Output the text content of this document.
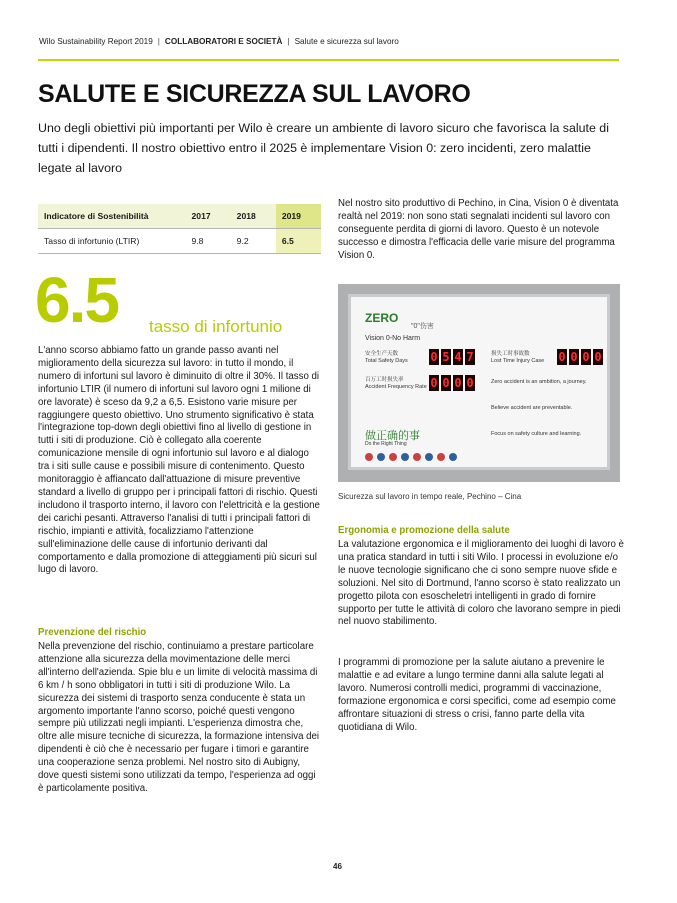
Wilo Sustainability Report 2019 | COLLABORATORI E SOCIETÀ | Salute e sicurezza sul lavoro
SALUTE E SICUREZZA SUL LAVORO

Uno degli obiettivi più importanti per Wilo è creare un ambiente di lavoro sicuro che favorisca la salute di tutti i dipendenti. Il nostro obiettivo entro il 2025 è implementare Vision 0: zero incidenti, zero malattie legate al lavoro

Indicatore di Sostenibilità	2017	2018	2019
Tasso di infortunio (LTIR)	9.8	9.2	6.5
6.5 tasso di infortunio

L'anno scorso abbiamo fatto un grande passo avanti nel miglioramento della sicurezza sul lavoro: in tutto il mondo, il numero di infortuni sul lavoro è diminuito di oltre il 30%. Il tasso di infortunio LTIR (il numero di infortuni sul lavoro ogni 1 milione di ore lavorate) è sceso da 9,2 a 6,5. Esistono varie misure per raggiungere questo obiettivo. Uno strumento significativo è stata l'integrazione top-down degli obiettivi fino al livello di gestione in tutti i siti di produzione. Ciò è collegato alla coerente comunicazione mensile di ogni infortunio sul lavoro e al dialogo tra i siti sulle cause e possibili misure di contenimento. Questo monitoraggio è affiancato dall'attuazione di misure preventive standard a livello di gruppo per i principali fattori di rischio. Questi includono il trasporto interno, il lavoro con l'elettricità e la gestione dei carichi pesanti. Attraverso l'analisi di tutti i principali fattori di rischio, impianti e attività, focalizziamo l'attenzione sull'eliminazione delle cause di infortunio derivanti dal comportamento e dalla promozione di atteggiamenti più sicuri sul lugo di lavoro.

Prevenzione del rischio

Nella prevenzione del rischio, continuiamo a prestare particolare attenzione alla sicurezza della movimentazione delle merci all'interno dell'azienda. Spie blu e un limite di velocità massima di 6 km / h sono obbligatori in tutti i siti di produzione Wilo. La sicurezza dei sistemi di trasporto senza conducente è stata un argomento importante l'anno scorso, poiché questi vengono sempre più utilizzati negli impianti. L'esperienza dimostra che, oltre alle misure tecniche di sicurezza, la formazione intensiva dei dipendenti è ciò che è necessario per fugare i timori e garantire una cooperazione senza problemi. Nel nostro sito di Aubigny, dove questi sistemi sono utilizzati da tempo, l'esperienza ad oggi è particolamente positiva.

Nel nostro sito produttivo di Pechino, in Cina, Vision 0 è diventata realtà nel 2019: non sono stati segnalati incidenti sul lavoro con conseguente perdita di giorni di lavoro. Questo è un notevole successo e dimostra l'efficacia delle varie misure del programma Vision 0.

ZERO
"0"伤害
Vision 0-No Harm
安全生产天数
Total Safety Days 0 5 4 7	损失工时事故数
Lost Time Injury Case 0 0 0 0
百万工时损失率
Accident Frequency Rate 0 0 0 0	Zero accident is an ambition, a journey.
Believe accident are preventable.
Focus on safety culture and learning.
做正确的事
Do the Right Thing
Sicurezza sul lavoro in tempo reale, Pechino – Cina
Ergonomia e promozione della salute

La valutazione ergonomica e il miglioramento dei luoghi di lavoro è una pratica standard in tutti i siti Wilo. I processi in evoluzione e/o le nuove tecnologie significano che ci sono sempre nuove sfide e soluzioni. Nel sito di Dortmund, l'anno scorso è stato realizzato un progetto pilota con esoscheletri intelligenti in grado di fornire supporto per tutte le attività di coloro che lavorano sempre in piedi nel nuovo stabilimento.

I programmi di promozione per la salute aiutano a prevenire le malattie e ad evitare a lungo termine danni alla salute legati al lavoro. Numerosi controlli medici, programmi di vaccinazione, formazione ergonomica e corsi specifici, come ad esempio come affrontare situazioni di stress o crisi, fanno parte della vita quotidiana di Wilo.

46
